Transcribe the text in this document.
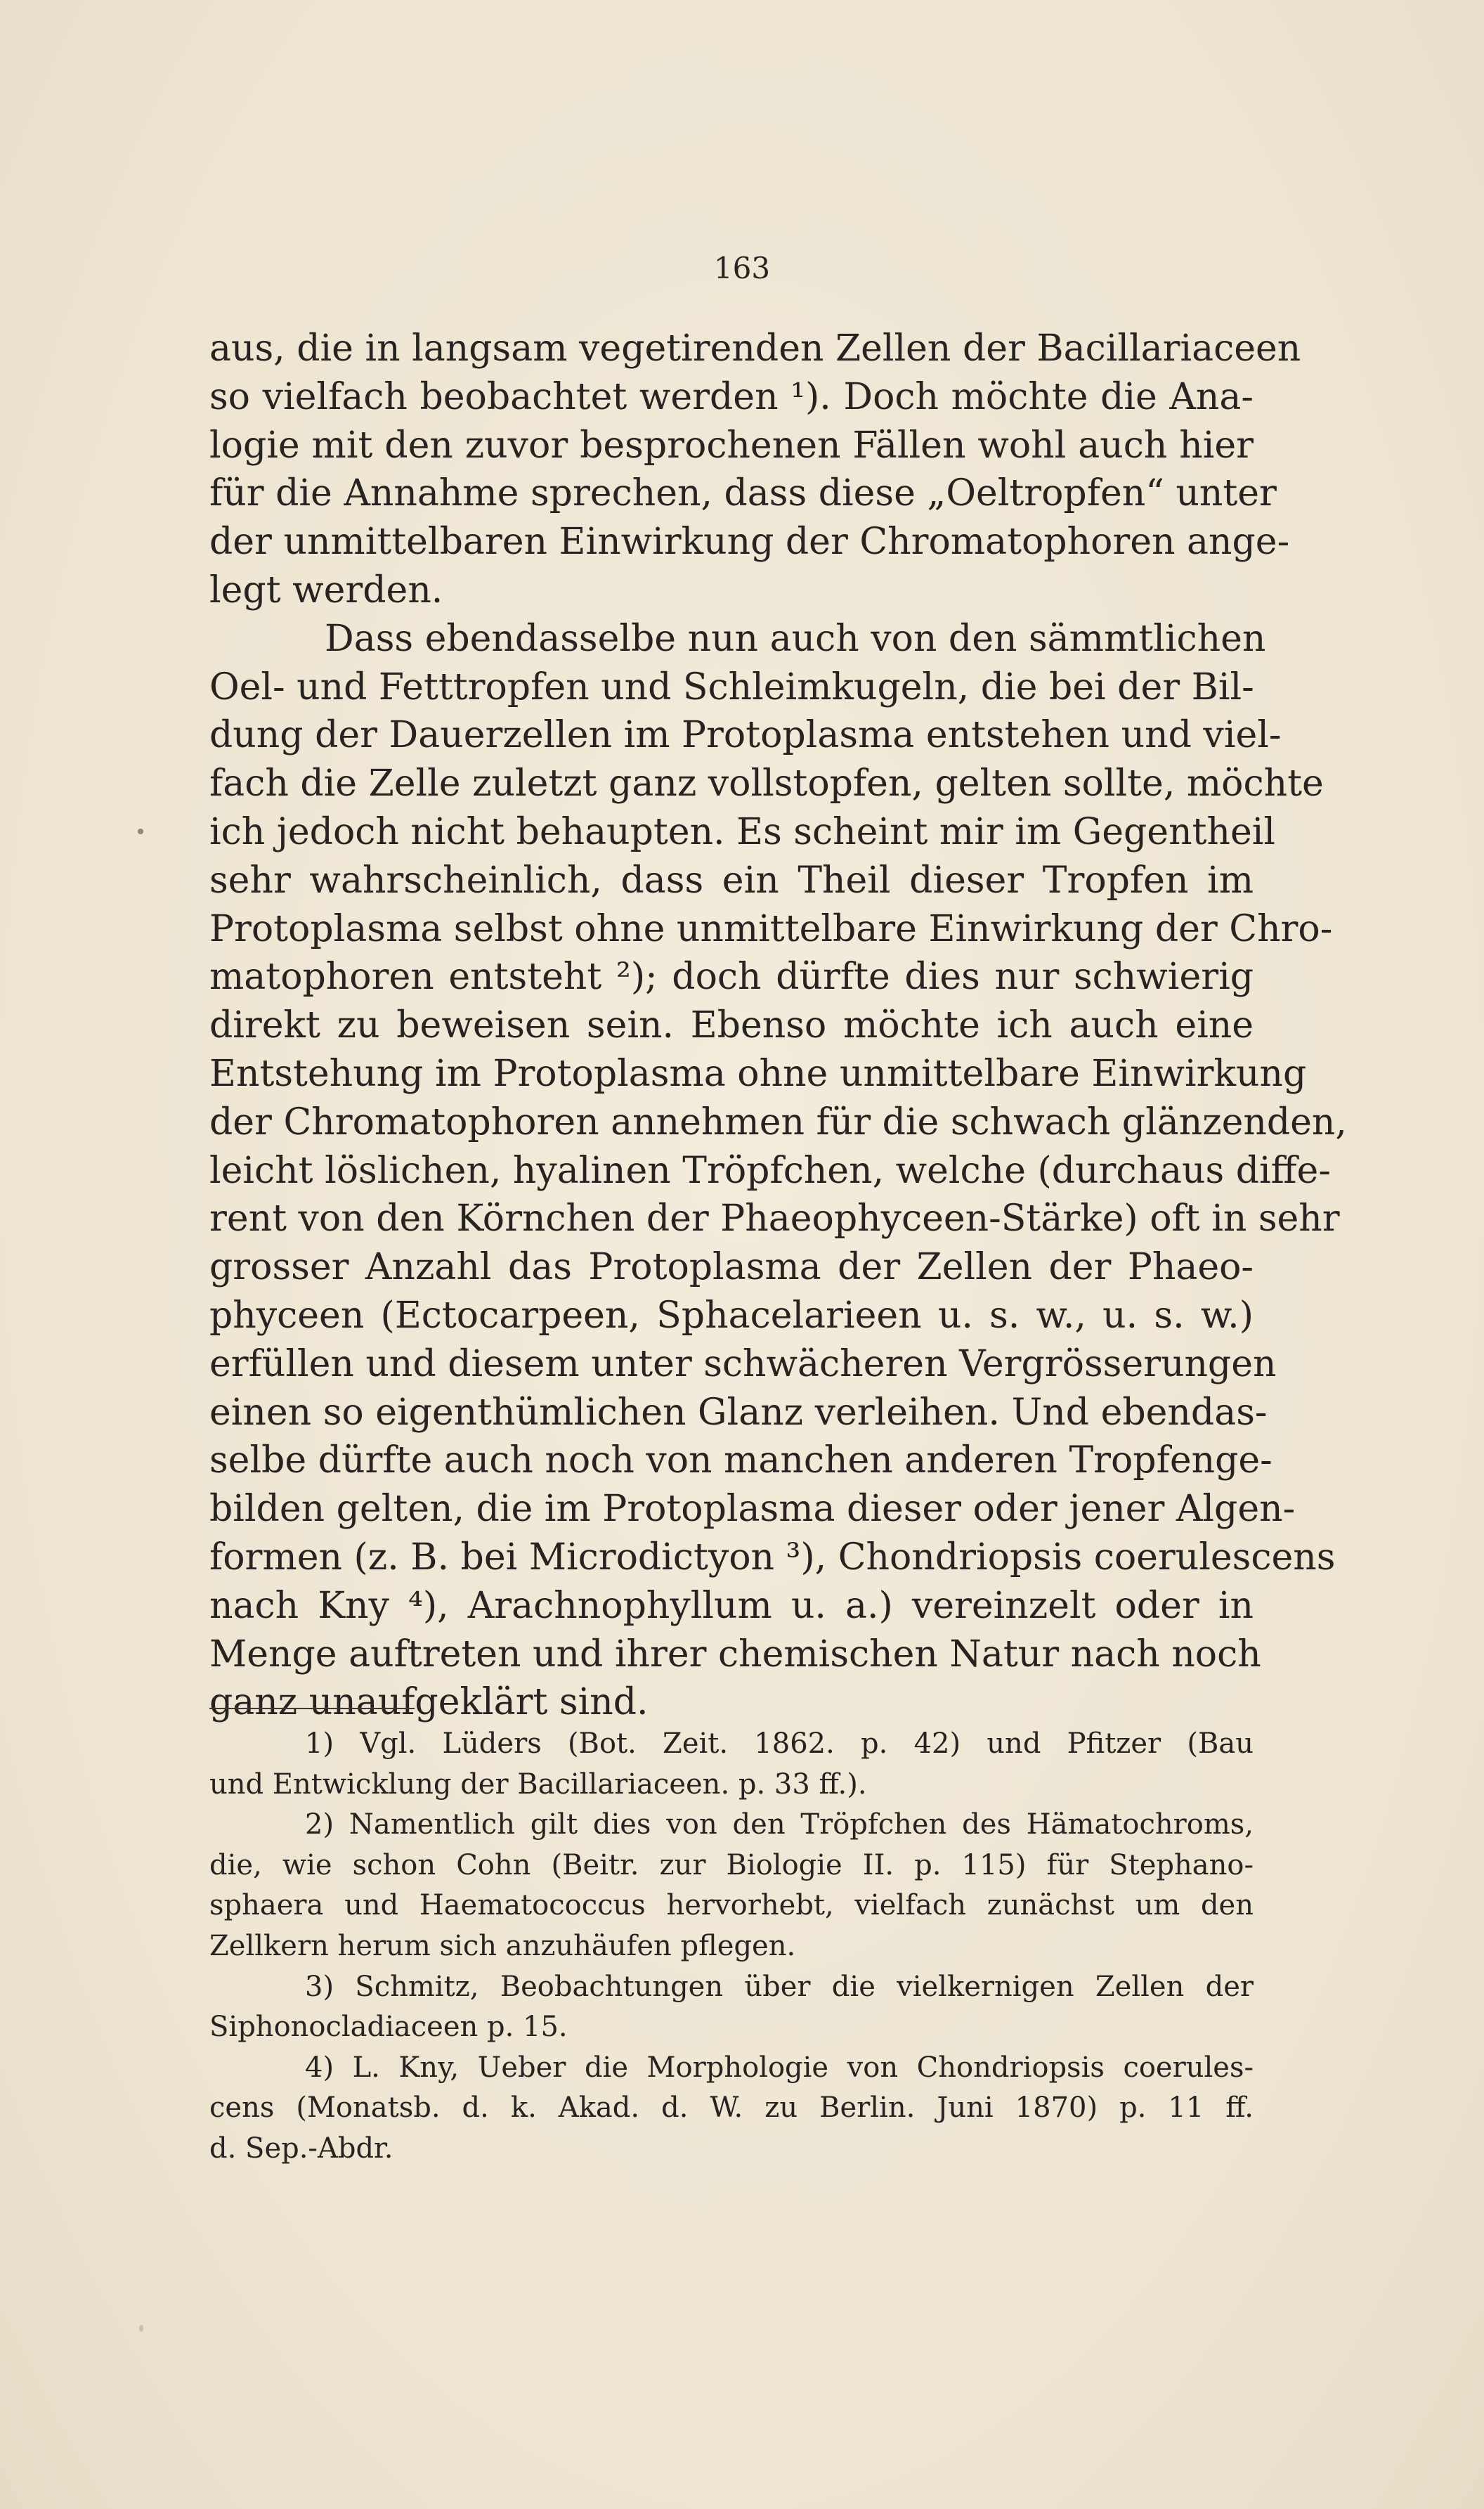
163
aus, die in langsam vegetirenden Zellen der Bacillariaceen
so vielfach beobachtet werden ¹). Doch möchte die Ana-
logie mit den zuvor besprochenen Fällen wohl auch hier
für die Annahme sprechen, dass diese „Oeltropfen“ unter
der unmittelbaren Einwirkung der Chromatophoren ange-
legt werden.
Dass ebendasselbe nun auch von den sämmtlichen
Oel- und Fetttropfen und Schleimkugeln, die bei der Bil-
dung der Dauerzellen im Protoplasma entstehen und viel-
fach die Zelle zuletzt ganz vollstopfen, gelten sollte, möchte
ich jedoch nicht behaupten. Es scheint mir im Gegentheil
sehr wahrscheinlich, dass ein Theil dieser Tropfen im
Protoplasma selbst ohne unmittelbare Einwirkung der Chro-
matophoren entsteht ²); doch dürfte dies nur schwierig
direkt zu beweisen sein. Ebenso möchte ich auch eine
Entstehung im Protoplasma ohne unmittelbare Einwirkung
der Chromatophoren annehmen für die schwach glänzenden,
leicht löslichen, hyalinen Tröpfchen, welche (durchaus diffe-
rent von den Körnchen der Phaeophyceen-Stärke) oft in sehr
grosser Anzahl das Protoplasma der Zellen der Phaeo-
phyceen (Ectocarpeen, Sphacelarieen u. s. w., u. s. w.)
erfüllen und diesem unter schwächeren Vergrösserungen
einen so eigenthümlichen Glanz verleihen. Und ebendas-
selbe dürfte auch noch von manchen anderen Tropfenge-
bilden gelten, die im Protoplasma dieser oder jener Algen-
formen (z. B. bei Microdictyon ³), Chondriopsis coerulescens
nach Kny ⁴), Arachnophyllum u. a.) vereinzelt oder in
Menge auftreten und ihrer chemischen Natur nach noch
ganz unaufgeklärt sind.
1) Vgl. Lüders (Bot. Zeit. 1862. p. 42) und Pfitzer (Bau
und Entwicklung der Bacillariaceen. p. 33 ff.).
2) Namentlich gilt dies von den Tröpfchen des Hämatochroms,
die, wie schon Cohn (Beitr. zur Biologie II. p. 115) für Stephano-
sphaera und Haematococcus hervorhebt, vielfach zunächst um den
Zellkern herum sich anzuhäufen pflegen.
3) Schmitz, Beobachtungen über die vielkernigen Zellen der
Siphonocladiaceen p. 15.
4) L. Kny, Ueber die Morphologie von Chondriopsis coerules-
cens (Monatsb. d. k. Akad. d. W. zu Berlin. Juni 1870) p. 11 ff.
d. Sep.-Abdr.
